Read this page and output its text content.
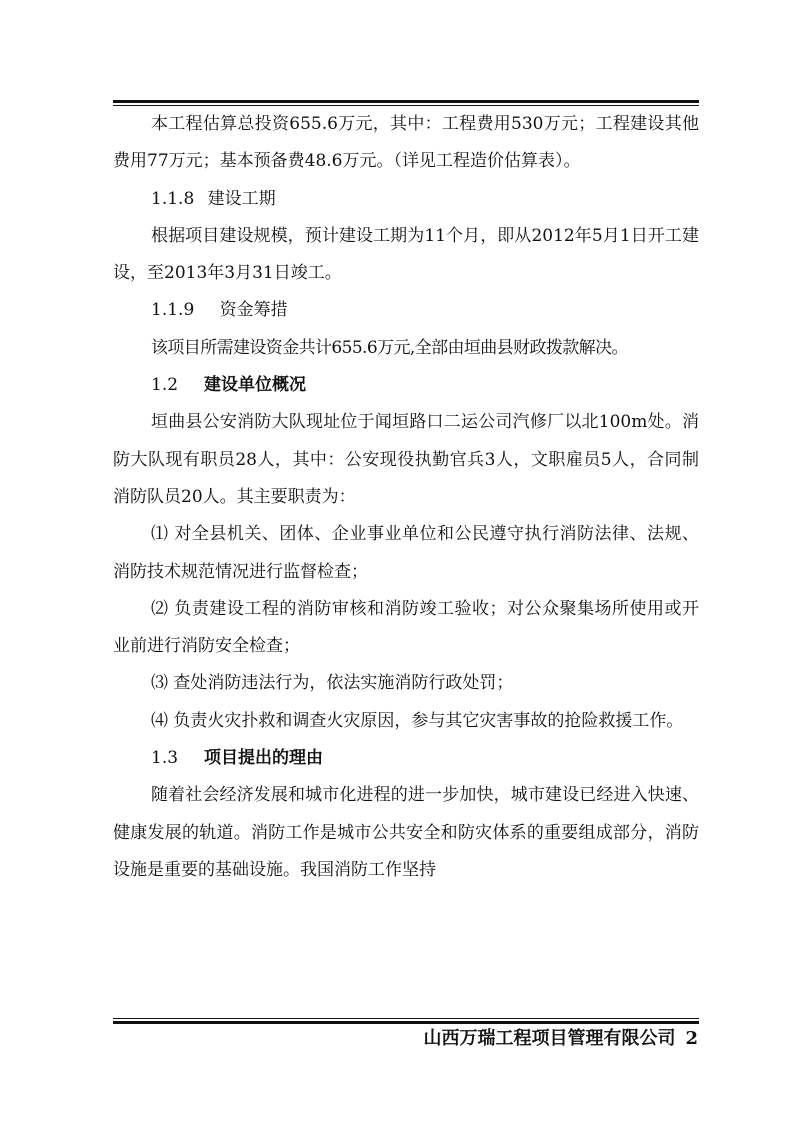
本工程估算总投资655.6万元，其中：工程费用530万元；工程建设其他费用77万元；基本预备费48.6万元。（详见工程造价估算表）。

1.1.8 建设工期

根据项目建设规模，预计建设工期为11个月，即从2012年5月1日开工建设，至2013年3月31日竣工。

1.1.9 资金筹措

该项目所需建设资金共计655.6万元,全部由垣曲县财政拨款解决。

1.2 建设单位概况

垣曲县公安消防大队现址位于闻垣路口二运公司汽修厂以北100m处。消防大队现有职员28人，其中：公安现役执勤官兵3人，文职雇员5人，合同制消防队员20人。其主要职责为：

⑴ 对全县机关、团体、企业事业单位和公民遵守执行消防法律、法规、消防技术规范情况进行监督检查；

⑵ 负责建设工程的消防审核和消防竣工验收；对公众聚集场所使用或开业前进行消防安全检查；

⑶ 查处消防违法行为，依法实施消防行政处罚；

⑷ 负责火灾扑救和调查火灾原因，参与其它灾害事故的抢险救援工作。

1.3 项目提出的理由

随着社会经济发展和城市化进程的进一步加快，城市建设已经进入快速、健康发展的轨道。消防工作是城市公共安全和防灾体系的重要组成部分，消防设施是重要的基础设施。我国消防工作坚持

山西万瑞工程项目管理有限公司 2
